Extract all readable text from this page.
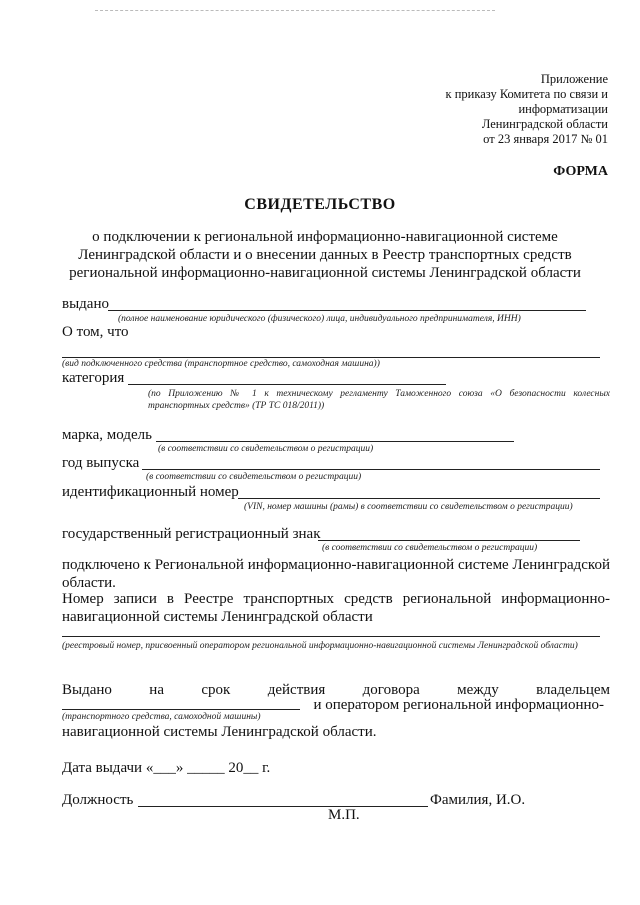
Приложение
к приказу Комитета по связи и
информатизации
Ленинградской области
от 23 января 2017 № 01
ФОРМА
СВИДЕТЕЛЬСТВО
о подключении к региональной информационно-навигационной системе Ленинградской области и о внесении данных в Реестр транспортных средств региональной информационно-навигационной системы Ленинградской области
выдано
(полное наименование юридического (физического) лица, индивидуального предпринимателя, ИНН)
О том, что
(вид подключенного средства (транспортное средство, самоходная машина))
категория
(по Приложению № 1 к техническому регламенту Таможенного союза «О безопасности колесных транспортных средств» (ТР ТС 018/2011))
марка, модель
(в соответствии со свидетельством о регистрации)
год выпуска
(в соответствии со свидетельством о регистрации)
идентификационный номер
(VIN, номер машины (рамы) в соответствии со свидетельством о регистрации)
государственный регистрационный знак
(в соответствии со свидетельством о регистрации)
подключено к Региональной информационно-навигационной системе Ленинградской области.
Номер записи в Реестре транспортных средств региональной информационно-навигационной системы Ленинградской области
(реестровый номер, присвоенный оператором региональной информационно-навигационной системы Ленинградской области)
Выдано на срок действия договора между владельцем
и оператором региональной информационно-
(транспортного средства, самоходной машины)
навигационной системы Ленинградской области.
Дата выдачи «___» _____ 20__ г.
Должность	Фамилия, И.О.
М.П.
